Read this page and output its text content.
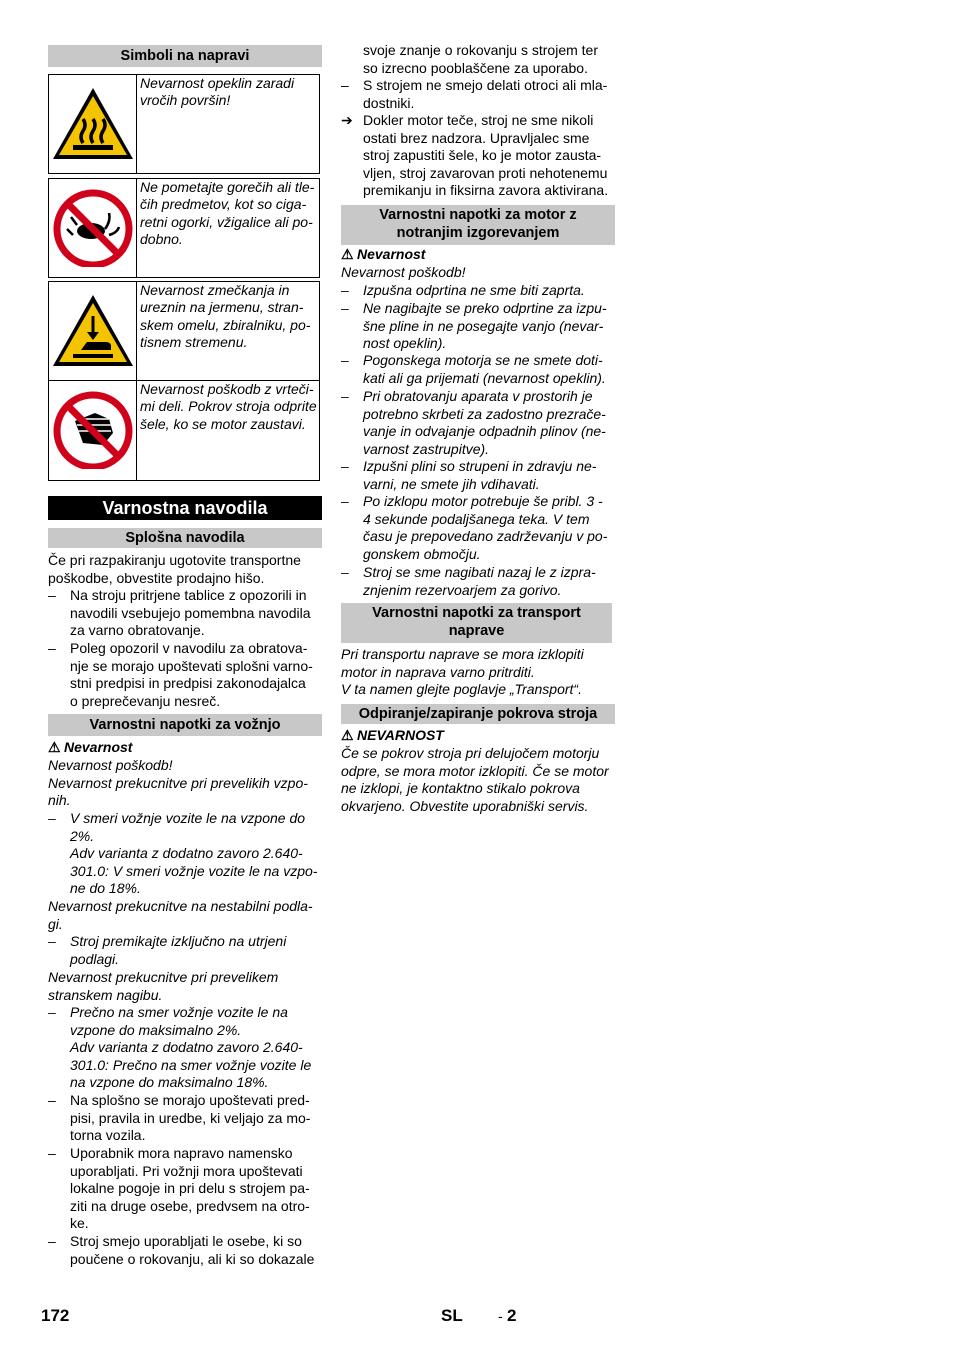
Simboli na napravi
Nevarnost opeklin zaradi
vročih površin!
Ne pometajte gorečih ali tle-
čih predmetov, kot so ciga-
retni ogorki, vžigalice ali po-
dobno.
Nevarnost zmečkanja in
ureznin na jermenu, stran-
skem omelu, zbiralniku, po-
tisnem stremenu.
Nevarnost poškodb z vrteči-
mi deli. Pokrov stroja odprite
šele, ko se motor zaustavi.
Varnostna navodila
Splošna navodila
Če pri razpakiranju ugotovite transportne
poškodbe, obvestite prodajno hišo.
–	Na stroju pritrjene tablice z opozorili in
navodili vsebujejo pomembna navodila
za varno obratovanje.
–	Poleg opozoril v navodilu za obratova-
nje se morajo upoštevati splošni varno-
stni predpisi in predpisi zakonodajalca
o preprečevanju nesreč.
Varnostni napotki za vožnjo
⚠ Nevarnost
Nevarnost poškodb!
Nevarnost prekucnitve pri prevelikih vzpo-
nih.
–	V smeri vožnje vozite le na vzpone do
2%.
Adv varianta z dodatno zavoro 2.640-
301.0: V smeri vožnje vozite le na vzpo-
ne do 18%.
Nevarnost prekucnitve na nestabilni podla-
gi.
–	Stroj premikajte izključno na utrjeni
podlagi.
Nevarnost prekucnitve pri prevelikem
stranskem nagibu.
–	Prečno na smer vožnje vozite le na
vzpone do maksimalno 2%.
Adv varianta z dodatno zavoro 2.640-
301.0: Prečno na smer vožnje vozite le
na vzpone do maksimalno 18%.
–	Na splošno se morajo upoštevati pred-
pisi, pravila in uredbe, ki veljajo za mo-
torna vozila.
–	Uporabnik mora napravo namensko
uporabljati. Pri vožnji mora upoštevati
lokalne pogoje in pri delu s strojem pa-
ziti na druge osebe, predvsem na otro-
ke.
–	Stroj smejo uporabljati le osebe, ki so
poučene o rokovanju, ali ki so dokazale
svoje znanje o rokovanju s strojem ter
so izrecno pooblaščene za uporabo.
–	S strojem ne smejo delati otroci ali mla-
dostniki.
➔ Dokler motor teče, stroj ne sme nikoli
ostati brez nadzora. Upravljalec sme
stroj zapustiti šele, ko je motor zausta-
vljen, stroj zavarovan proti nehotenemu
premikanju in fiksirna zavora aktivirana.
Varnostni napotki za motor z
notranjim izgorevanjem
⚠ Nevarnost
Nevarnost poškodb!
–	Izpušna odprtina ne sme biti zaprta.
–	Ne nagibajte se preko odprtine za izpu-
šne pline in ne posegajte vanjo (nevar-
nost opeklin).
–	Pogonskega motorja se ne smete doti-
kati ali ga prijemati (nevarnost opeklin).
–	Pri obratovanju aparata v prostorih je
potrebno skrbeti za zadostno prezrače-
vanje in odvajanje odpadnih plinov (ne-
varnost zastrupitve).
–	Izpušni plini so strupeni in zdravju ne-
varni, ne smete jih vdihavati.
–	Po izklopu motor potrebuje še pribl. 3 -
4 sekunde podaljšanega teka. V tem
času je prepovedano zadrževanju v po-
gonskem območju.
–	Stroj se sme nagibati nazaj le z izpra-
znjenim rezervoarjem za gorivo.
Varnostni napotki za transport
naprave
Pri transportu naprave se mora izklopiti
motor in naprava varno pritrditi.
V ta namen glejte poglavje „Transport“.
Odpiranje/zapiranje pokrova stroja
⚠ NEVARNOST
Če se pokrov stroja pri delujočem motorju
odpre, se mora motor izklopiti. Če se motor
ne izklopi, je kontaktno stikalo pokrova
okvarjeno. Obvestite uporabniški servis.
172	SL	- 2
